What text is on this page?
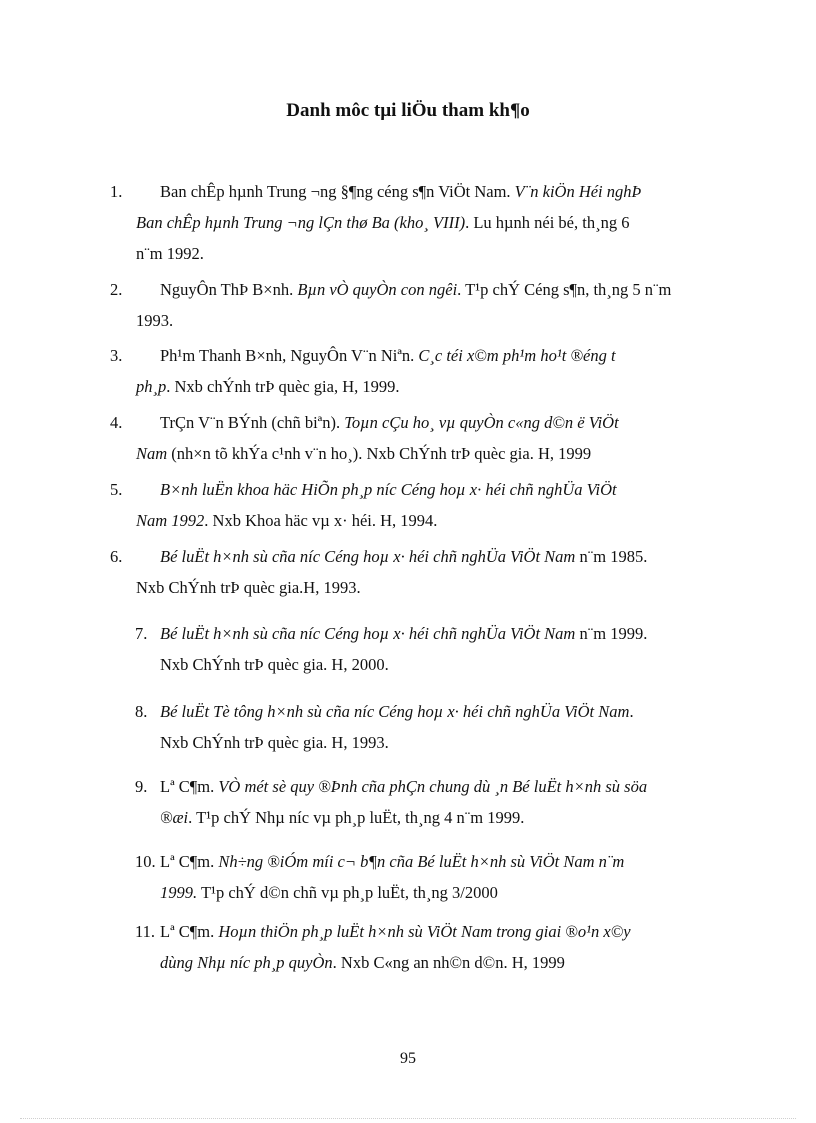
Danh môc tµi liÖu tham kh¶o
1. Ban chÊp hµnh Trung ¬ng §¶ng céng s¶n ViÖt Nam. V¨n kiÖn Héi nghÞ
Ban chÊp hµnh Trung ¬ng lÇn thø Ba (kho¸ VIII). Lu hµnh néi bé, th¸ng 6
n¨m 1992.
2. NguyÔn ThÞ B×nh. Bµn vÒ quyÒn con ngêi. T¹p chÝ Céng s¶n, th¸ng 5 n¨m
1993.
3. Ph¹m Thanh B×nh, NguyÔn V¨n Niªn. C¸c téi x©m ph¹m ho¹t ®éng t
ph¸p. Nxb chÝnh trÞ quèc gia, H, 1999.
4. TrÇn V¨n BÝnh (chñ biªn). Toµn cÇu ho¸ vµ quyÒn c«ng d©n ë ViÖt
Nam (nh×n tõ khÝa c¹nh v¨n ho¸). Nxb ChÝnh trÞ quèc gia. H, 1999
5. B×nh luËn khoa häc HiÕn ph¸p níc Céng hoµ x· héi chñ nghÜa ViÖt
Nam 1992. Nxb Khoa häc vµ x· héi. H, 1994.
6. Bé luËt h×nh sù cña níc Céng hoµ x· héi chñ nghÜa ViÖt Nam n¨m 1985.
Nxb ChÝnh trÞ quèc gia.H, 1993.
7. Bé luËt h×nh sù cña níc Céng hoµ x· héi chñ nghÜa ViÖt Nam n¨m 1999.
Nxb ChÝnh trÞ quèc gia. H, 2000.
8. Bé luËt Tè tông h×nh sù cña níc Céng hoµ x· héi chñ nghÜa ViÖt Nam.
Nxb ChÝnh trÞ quèc gia. H, 1993.
9. Lª C¶m. VÒ mét sè quy ®Þnh cña phÇn chung dù ¸n Bé luËt h×nh sù söa
®æi. T¹p chÝ Nhµ níc vµ ph¸p luËt, th¸ng 4 n¨m 1999.
10. Lª C¶m. Nh÷ng ®iÓm míi c¬ b¶n cña Bé luËt h×nh sù ViÖt Nam n¨m
1999. T¹p chÝ d©n chñ vµ ph¸p luËt, th¸ng 3/2000
11. Lª C¶m. Hoµn thiÖn ph¸p luËt h×nh sù ViÖt Nam trong giai ®o¹n x©y
dùng Nhµ níc ph¸p quyÒn. Nxb C«ng an nh©n d©n. H, 1999
95
